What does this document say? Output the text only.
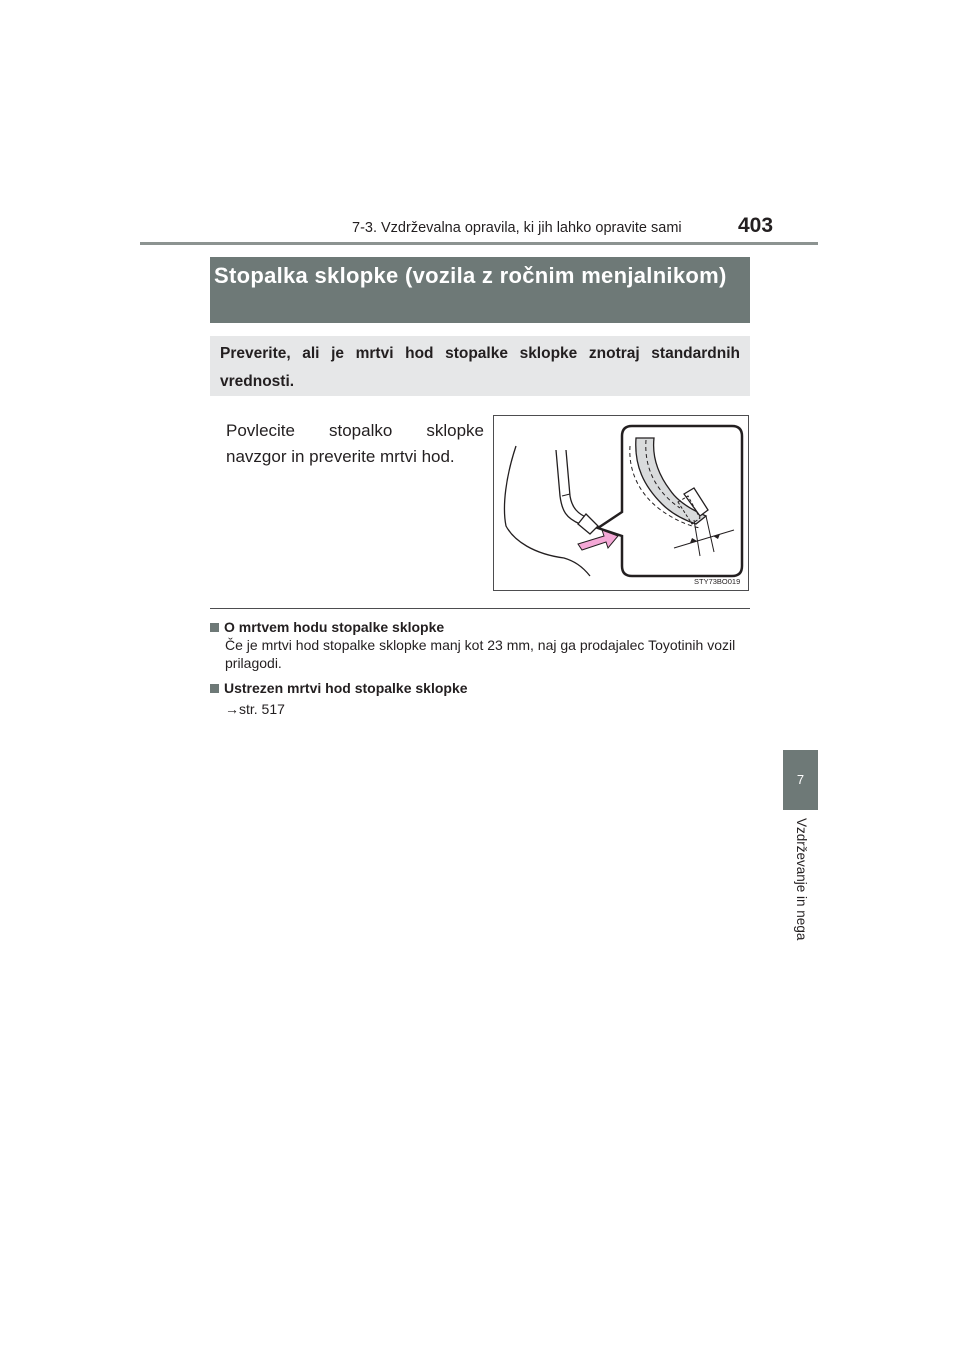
7-3. Vzdrževalna opravila, ki jih lahko opravite sami	403
Stopalka sklopke (vozila z ročnim menjalnikom)
Preverite, ali je mrtvi hod stopalke sklopke znotraj standardnih vrednosti.
Povlecite stopalko sklopke navzgor in preverite mrtvi hod.
STY73BO019
O mrtvem hodu stopalke sklopke
Če je mrtvi hod stopalke sklopke manj kot 23 mm, naj ga prodajalec Toyotinih vozil prilagodi.
Ustrezen mrtvi hod stopalke sklopke
→str. 517
7
Vzdrževanje in nega
